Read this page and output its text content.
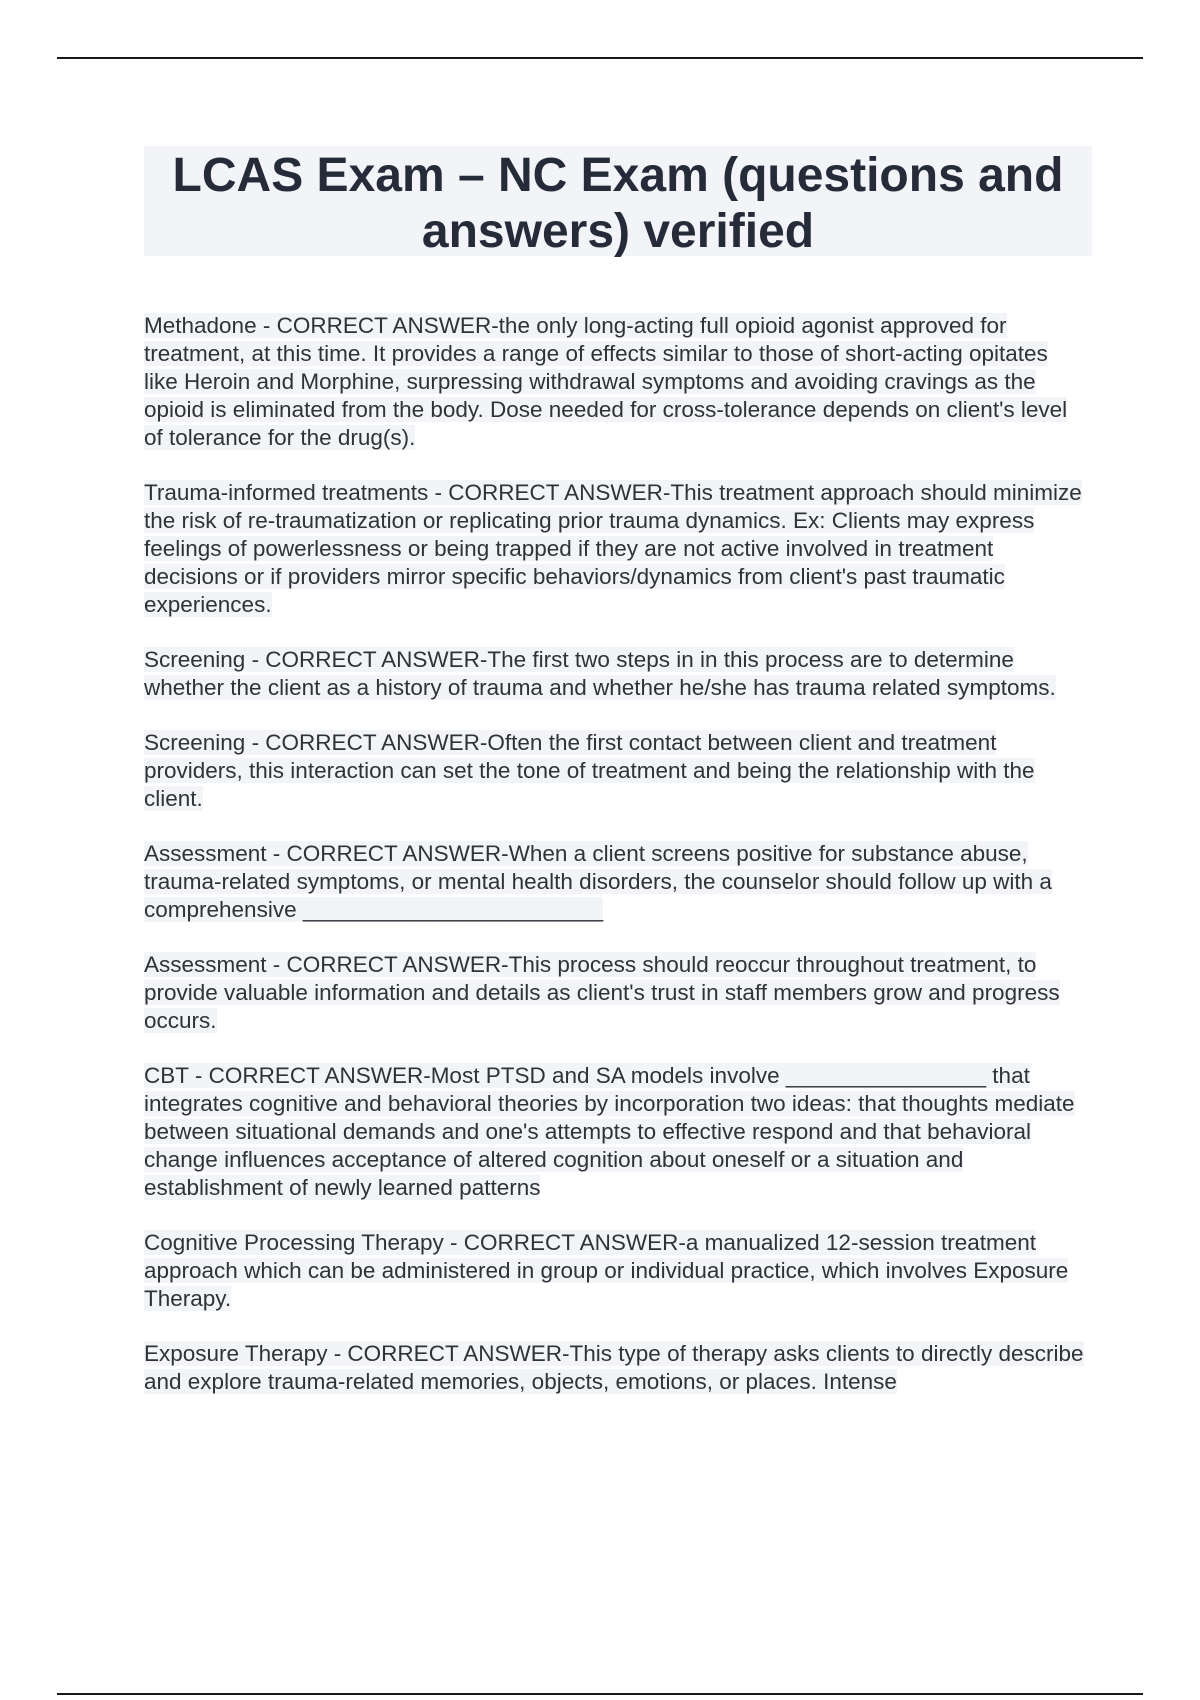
LCAS Exam – NC Exam (questions and answers) verified

Methadone - CORRECT ANSWER-the only long-acting full opioid agonist approved for treatment, at this time. It provides a range of effects similar to those of short-acting opitates like Heroin and Morphine, surpressing withdrawal symptoms and avoiding cravings as the opioid is eliminated from the body. Dose needed for cross-tolerance depends on client's level of tolerance for the drug(s).

Trauma-informed treatments - CORRECT ANSWER-This treatment approach should minimize the risk of re-traumatization or replicating prior trauma dynamics. Ex: Clients may express feelings of powerlessness or being trapped if they are not active involved in treatment decisions or if providers mirror specific behaviors/dynamics from client's past traumatic experiences.

Screening - CORRECT ANSWER-The first two steps in in this process are to determine whether the client as a history of trauma and whether he/she has trauma related symptoms.

Screening - CORRECT ANSWER-Often the first contact between client and treatment providers, this interaction can set the tone of treatment and being the relationship with the client.

Assessment - CORRECT ANSWER-When a client screens positive for substance abuse, trauma-related symptoms, or mental health disorders, the counselor should follow up with a comprehensive ________________________

Assessment - CORRECT ANSWER-This process should reoccur throughout treatment, to provide valuable information and details as client's trust in staff members grow and progress occurs.

CBT - CORRECT ANSWER-Most PTSD and SA models involve ________________ that integrates cognitive and behavioral theories by incorporation two ideas: that thoughts mediate between situational demands and one's attempts to effective respond and that behavioral change influences acceptance of altered cognition about oneself or a situation and establishment of newly learned patterns

Cognitive Processing Therapy - CORRECT ANSWER-a manualized 12-session treatment approach which can be administered in group or individual practice, which involves Exposure Therapy.

Exposure Therapy - CORRECT ANSWER-This type of therapy asks clients to directly describe and explore trauma-related memories, objects, emotions, or places. Intense
